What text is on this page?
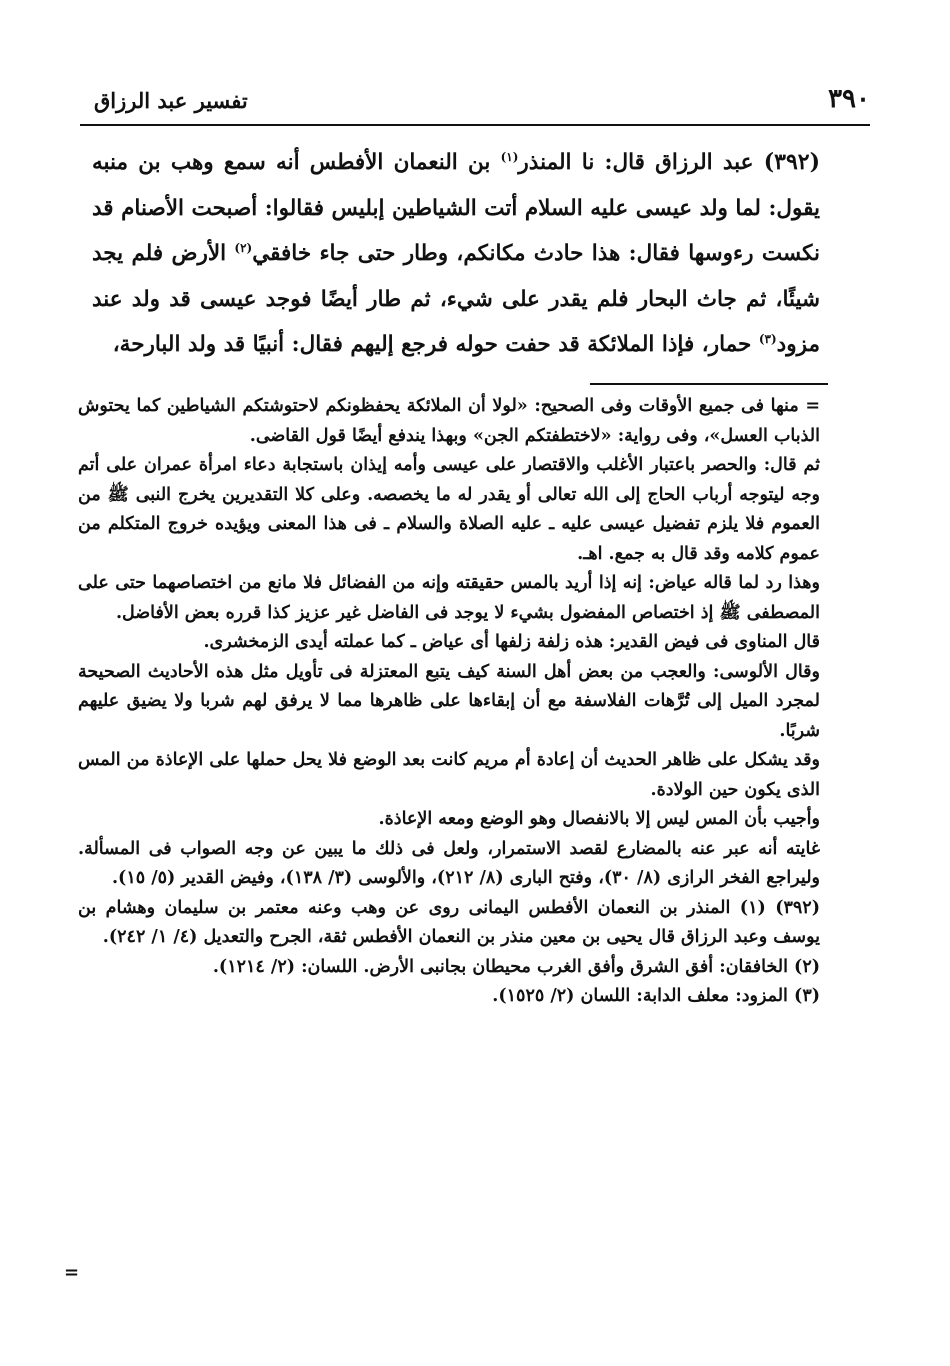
٣٩٠
تفسير عبد الرزاق
(٣٩٢) عبد الرزاق قال: نا المنذر$^{(١)}$ بن النعمان الأفطس أنه سمع وهب بن منبه يقول: لما ولد عيسى عليه السلام أتت الشياطين إبليس فقالوا: أصبحت الأصنام قد نكست رءوسها فقال: هذا حادث مكانكم، وطار حتى جاء خافقي$^{(٢)}$ الأرض فلم يجد شيئًا، ثم جاث البحار فلم يقدر على شيء، ثم طار أيضًا فوجد عيسى قد ولد عند مزود$^{(٣)}$ حمار، فإذا الملائكة قد حفت حوله فرجع إليهم فقال: أنبيًا قد ولد البارحة،

= منها فى جميع الأوقات وفى الصحيح: «لولا أن الملائكة يحفظونكم لاحتوشتكم الشياطين كما يحتوش الذباب العسل»، وفى رواية: «لاختطفتكم الجن» وبهذا يندفع أيضًا قول القاضى.

ثم قال: والحصر باعتبار الأغلب والاقتصار على عيسى وأمه إيذان باستجابة دعاء امرأة عمران على أتم وجه ليتوجه أرباب الحاج إلى الله تعالى أو يقدر له ما يخصصه. وعلى كلا التقديرين يخرج النبى ﷺ من العموم فلا يلزم تفضيل عيسى عليه ـ عليه الصلاة والسلام ـ فى هذا المعنى ويؤيده خروج المتكلم من عموم كلامه وقد قال به جمع. اهـ.

وهذا رد لما قاله عياض: إنه إذا أريد بالمس حقيقته وإنه من الفضائل فلا مانع من اختصاصهما حتى على المصطفى ﷺ إذ اختصاص المفضول بشيء لا يوجد فى الفاضل غير عزيز كذا قرره بعض الأفاضل.

قال المناوى فى فيض القدير: هذه زلفة زلفها أى عياض ـ كما عملته أيدى الزمخشرى.

وقال الألوسى: والعجب من بعض أهل السنة كيف يتبع المعتزلة فى تأويل مثل هذه الأحاديث الصحيحة لمجرد الميل إلى تُرَّهات الفلاسفة مع أن إبقاءها على ظاهرها مما لا يرفق لهم شربا ولا يضيق عليهم شربًا.

وقد يشكل على ظاهر الحديث أن إعادة أم مريم كانت بعد الوضع فلا يحل حملها على الإعاذة من المس الذى يكون حين الولادة.

وأجيب بأن المس ليس إلا بالانفصال وهو الوضع ومعه الإعاذة.

غايته أنه عبر عنه بالمضارع لقصد الاستمرار، ولعل فى ذلك ما يبين عن وجه الصواب فى المسألة. وليراجع الفخر الرازى (٨/ ٣٠)، وفتح البارى (٨/ ٢١٢)، والألوسى (٣/ ١٣٨)، وفيض القدير (٥/ ١٥).

(٣٩٢) (١) المنذر بن النعمان الأفطس اليمانى روى عن وهب وعنه معتمر بن سليمان وهشام بن يوسف وعبد الرزاق قال يحيى بن معين منذر بن النعمان الأفطس ثقة، الجرح والتعديل (٤/ ١/ ٢٤٢).

(٢) الخافقان: أفق الشرق وأفق الغرب محيطان بجانبى الأرض. اللسان: (٢/ ١٢١٤).

(٣) المزود: معلف الدابة: اللسان (٢/ ١٥٢٥).

=
